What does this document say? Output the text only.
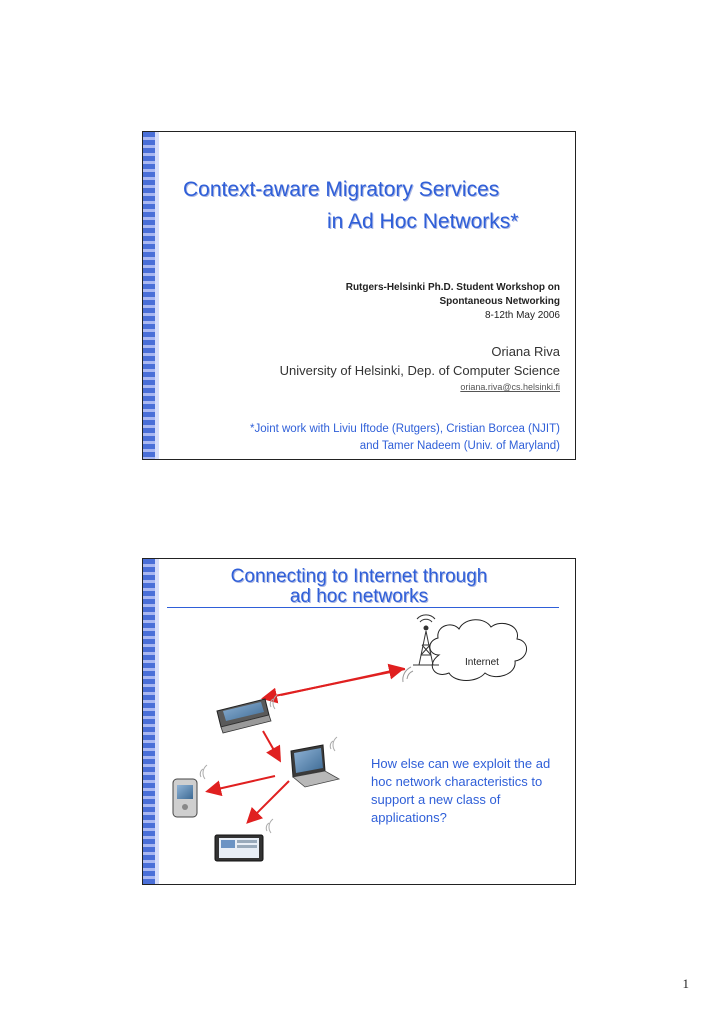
Context-aware Migratory Services
in Ad Hoc Networks*
Rutgers-Helsinki Ph.D. Student Workshop on
Spontaneous Networking
8-12th May 2006
Oriana Riva
University of Helsinki, Dep. of Computer Science
oriana.riva@cs.helsinki.fi
*Joint work with Liviu Iftode (Rutgers), Cristian Borcea (NJIT)
and Tamer Nadeem (Univ. of Maryland)
Connecting to Internet through
ad hoc networks
Internet
How else can we exploit the ad hoc network characteristics to support a new class of applications?
1
